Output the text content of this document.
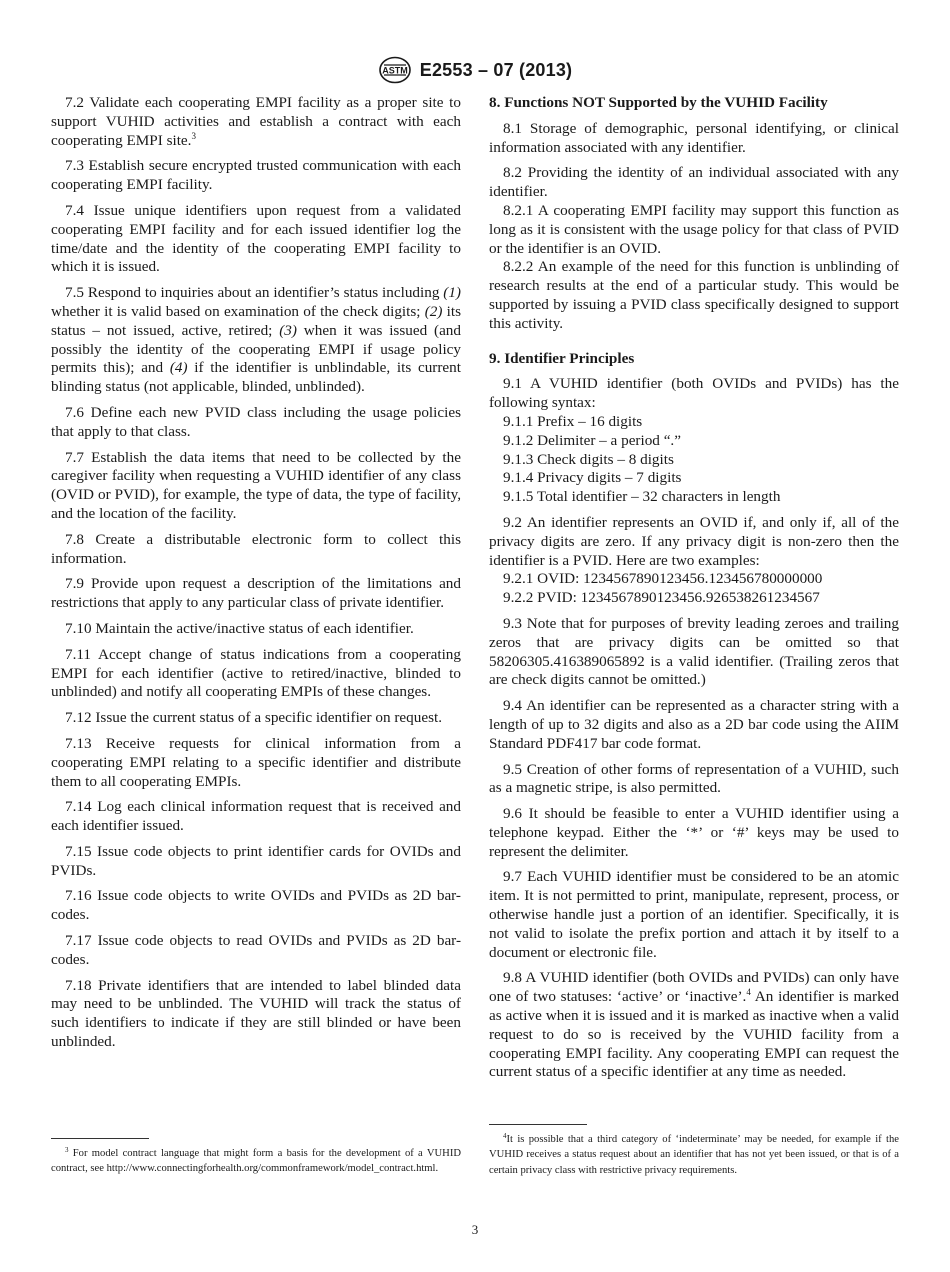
ASTM E2553 – 07 (2013)

7.2 Validate each cooperating EMPI facility as a proper site to support VUHID activities and establish a contract with each cooperating EMPI site.$^3$

7.3 Establish secure encrypted trusted communication with each cooperating EMPI facility.

7.4 Issue unique identifiers upon request from a validated cooperating EMPI facility and for each issued identifier log the time/date and the identity of the cooperating EMPI facility to which it is issued.

7.5 Respond to inquiries about an identifier’s status including (1) whether it is valid based on examination of the check digits; (2) its status – not issued, active, retired; (3) when it was issued (and possibly the identity of the cooperating EMPI if usage policy permits this); and (4) if the identifier is unblindable, its current blinding status (not applicable, blinded, unblinded).

7.6 Define each new PVID class including the usage policies that apply to that class.

7.7 Establish the data items that need to be collected by the caregiver facility when requesting a VUHID identifier of any class (OVID or PVID), for example, the type of data, the type of facility, and the location of the facility.

7.8 Create a distributable electronic form to collect this information.

7.9 Provide upon request a description of the limitations and restrictions that apply to any particular class of private identifier.

7.10 Maintain the active/inactive status of each identifier.

7.11 Accept change of status indications from a cooperating EMPI for each identifier (active to retired/inactive, blinded to unblinded) and notify all cooperating EMPIs of these changes.

7.12 Issue the current status of a specific identifier on request.

7.13 Receive requests for clinical information from a cooperating EMPI relating to a specific identifier and distribute them to all cooperating EMPIs.

7.14 Log each clinical information request that is received and each identifier issued.

7.15 Issue code objects to print identifier cards for OVIDs and PVIDs.

7.16 Issue code objects to write OVIDs and PVIDs as 2D bar-codes.

7.17 Issue code objects to read OVIDs and PVIDs as 2D bar-codes.

7.18 Private identifiers that are intended to label blinded data may need to be unblinded. The VUHID will track the status of such identifiers to indicate if they are still blinded or have been unblinded.

8. Functions NOT Supported by the VUHID Facility

8.1 Storage of demographic, personal identifying, or clinical information associated with any identifier.

8.2 Providing the identity of an individual associated with any identifier.

8.2.1 A cooperating EMPI facility may support this function as long as it is consistent with the usage policy for that class of PVID or the identifier is an OVID.

8.2.2 An example of the need for this function is unblinding of research results at the end of a particular study. This would be supported by issuing a PVID class specifically designed to support this activity.

9. Identifier Principles

9.1 A VUHID identifier (both OVIDs and PVIDs) has the following syntax:

9.1.1 Prefix – 16 digits

9.1.2 Delimiter – a period “.”

9.1.3 Check digits – 8 digits

9.1.4 Privacy digits – 7 digits

9.1.5 Total identifier – 32 characters in length

9.2 An identifier represents an OVID if, and only if, all of the privacy digits are zero. If any privacy digit is non-zero then the identifier is a PVID. Here are two examples:

9.2.1 OVID: 1234567890123456.123456780000000

9.2.2 PVID: 1234567890123456.926538261234567

9.3 Note that for purposes of brevity leading zeroes and trailing zeros that are privacy digits can be omitted so that 58206305.416389065892 is a valid identifier. (Trailing zeros that are check digits cannot be omitted.)

9.4 An identifier can be represented as a character string with a length of up to 32 digits and also as a 2D bar code using the AIIM Standard PDF417 bar code format.

9.5 Creation of other forms of representation of a VUHID, such as a magnetic stripe, is also permitted.

9.6 It should be feasible to enter a VUHID identifier using a telephone keypad. Either the ‘*’ or ‘#’ keys may be used to represent the delimiter.

9.7 Each VUHID identifier must be considered to be an atomic item. It is not permitted to print, manipulate, represent, process, or otherwise handle just a portion of an identifier. Specifically, it is not valid to isolate the prefix portion and attach it by itself to a document or electronic file.

9.8 A VUHID identifier (both OVIDs and PVIDs) can only have one of two statuses: ‘active’ or ‘inactive’.$^4$ An identifier is marked as active when it is issued and it is marked as inactive when a valid request to do so is received by the VUHID facility from a cooperating EMPI facility. Any cooperating EMPI can request the current status of a specific identifier at any time as needed.

$^3$ For model contract language that might form a basis for the development of a VUHID contract, see http://www.connectingforhealth.org/commonframework/model_contract.html.

$^4$It is possible that a third category of ‘indeterminate’ may be needed, for example if the VUHID receives a status request about an identifier that has not yet been issued, or that is of a certain privacy class with restrictive privacy requirements.

3
